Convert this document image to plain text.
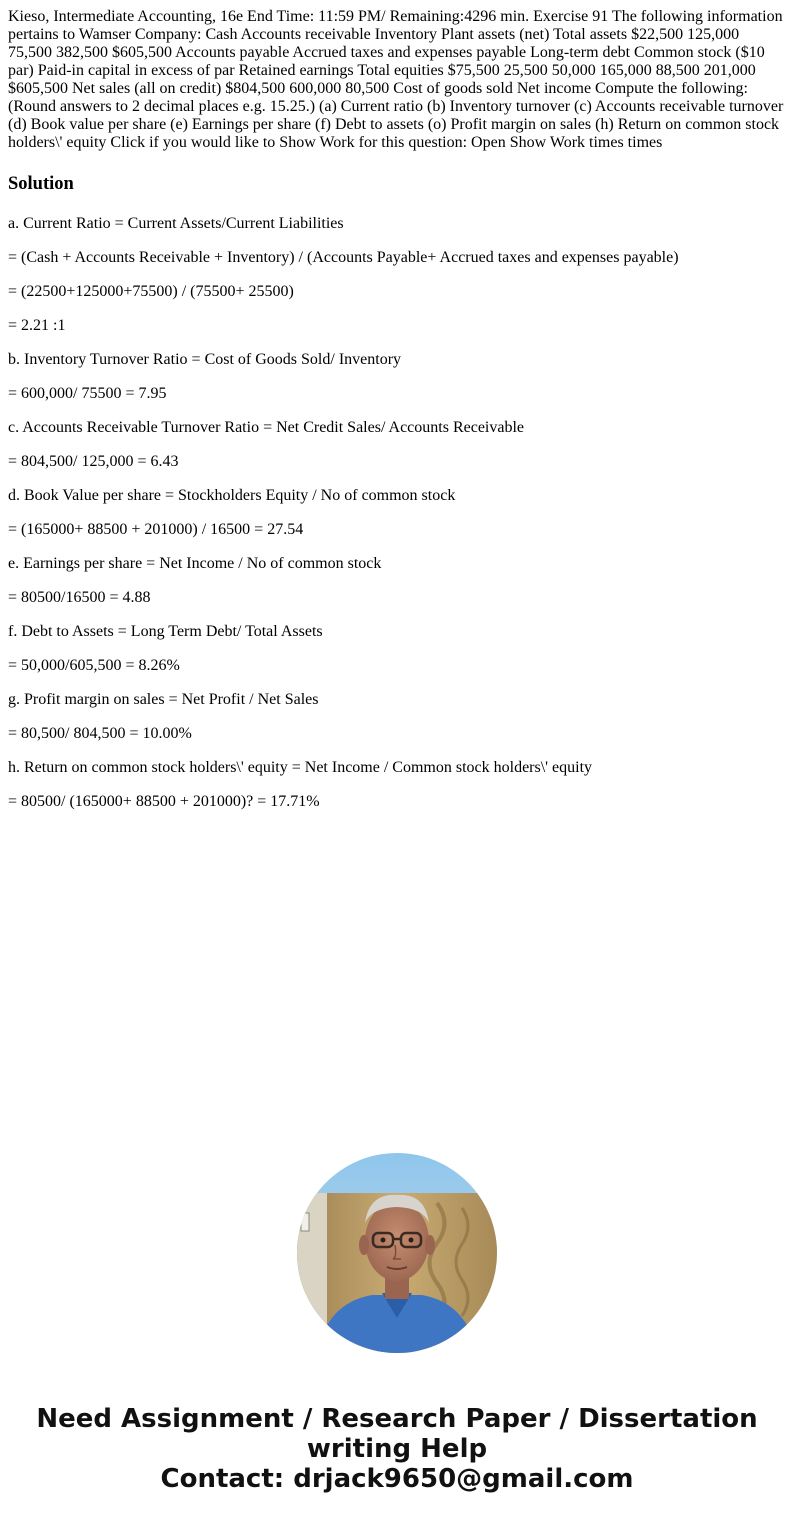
Kieso, Intermediate Accounting, 16e End Time: 11:59 PM/ Remaining:4296 min. Exercise 91 The following information pertains to Wamser Company: Cash Accounts receivable Inventory Plant assets (net) Total assets $22,500 125,000 75,500 382,500 $605,500 Accounts payable Accrued taxes and expenses payable Long-term debt Common stock ($10 par) Paid-in capital in excess of par Retained earnings Total equities $75,500 25,500 50,000 165,000 88,500 201,000 $605,500 Net sales (all on credit) $804,500 600,000 80,500 Cost of goods sold Net income Compute the following: (Round answers to 2 decimal places e.g. 15.25.) (a) Current ratio (b) Inventory turnover (c) Accounts receivable turnover (d) Book value per share (e) Earnings per share (f) Debt to assets (o) Profit margin on sales (h) Return on common stock holders\' equity Click if you would like to Show Work for this question: Open Show Work times times

Solution

a. Current Ratio = Current Assets/Current Liabilities

= (Cash + Accounts Receivable + Inventory) / (Accounts Payable+ Accrued taxes and expenses payable)

= (22500+125000+75500) / (75500+ 25500)

= 2.21 :1

b. Inventory Turnover Ratio = Cost of Goods Sold/ Inventory

= 600,000/ 75500 = 7.95

c. Accounts Receivable Turnover Ratio = Net Credit Sales/ Accounts Receivable

= 804,500/ 125,000 = 6.43

d. Book Value per share = Stockholders Equity / No of common stock

= (165000+ 88500 + 201000) / 16500 = 27.54

e. Earnings per share = Net Income / No of common stock

= 80500/16500 = 4.88

f. Debt to Assets = Long Term Debt/ Total Assets

= 50,000/605,500 = 8.26%

g. Profit margin on sales = Net Profit / Net Sales

= 80,500/ 804,500 = 10.00%

h. Return on common stock holders\' equity = Net Income / Common stock holders\' equity

= 80500/ (165000+ 88500 + 201000)? = 17.71%

Need Assignment / Research Paper / Dissertation
writing Help
Contact: drjack9650@gmail.com
